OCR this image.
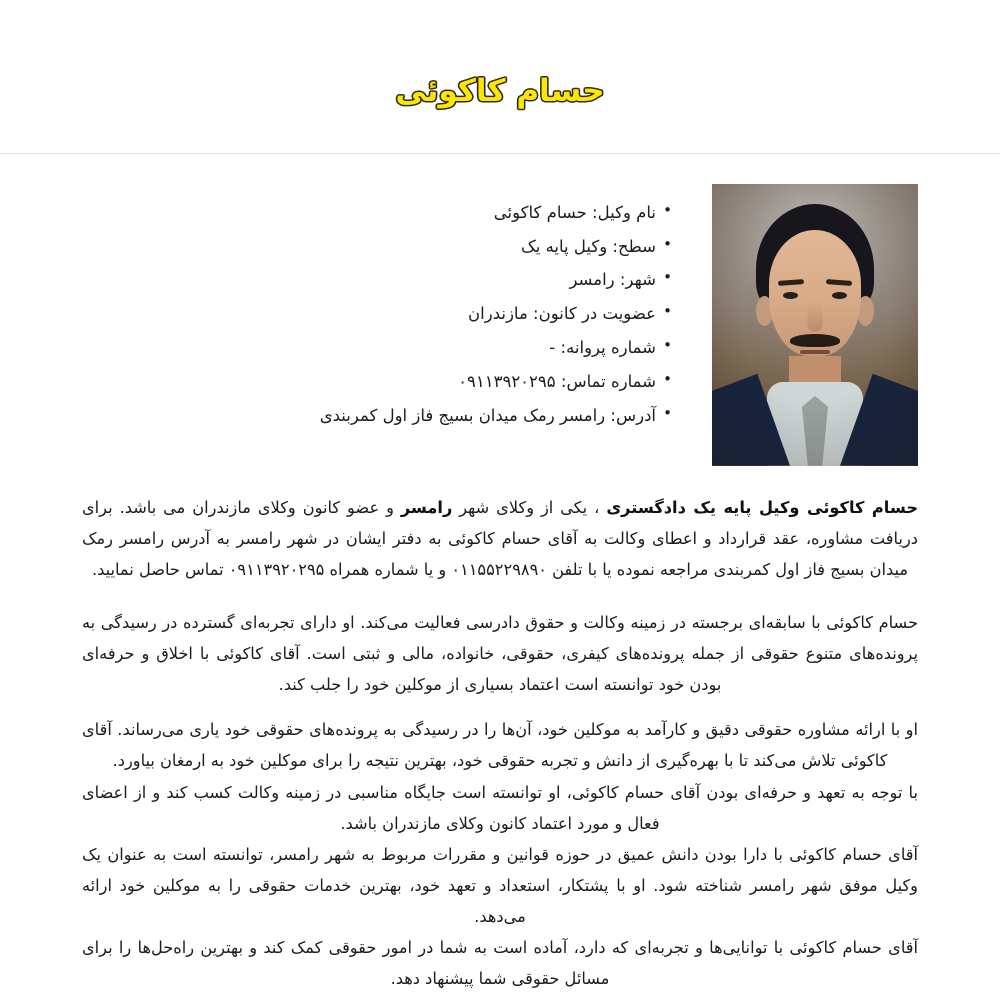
حسام کاکوئی
• نام وکیل: حسام کاکوئی
• سطح: وکیل پایه یک
• شهر: رامسر
• عضویت در کانون: مازندران
• شماره پروانه: -
• شماره تماس: ۰۹۱۱۳۹۲۰۲۹۵
• آدرس: رامسر رمک میدان بسیج فاز اول کمربندی

حسام کاکوئی وکیل پایه یک دادگستری ، یکی از وکلای شهر رامسر و عضو کانون وکلای مازندران می باشد. برای دریافت مشاوره، عقد قرارداد و اعطای وکالت به آقای حسام کاکوئی به دفتر ایشان در شهر رامسر به آدرس رامسر رمک میدان بسیج فاز اول کمربندی مراجعه نموده یا با تلفن ۰۱۱۵۵۲۲۹۸۹۰ و یا شماره همراه ۰۹۱۱۳۹۲۰۲۹۵ تماس حاصل نمایید.

حسام کاکوئی با سابقه‌ای برجسته در زمینه وکالت و حقوق دادرسی فعالیت می‌کند. او دارای تجربه‌ای گسترده در رسیدگی به پرونده‌های متنوع حقوقی از جمله پرونده‌های کیفری، حقوقی، خانواده، مالی و ثبتی است. آقای کاکوئی با اخلاق و حرفه‌ای بودن خود توانسته است اعتماد بسیاری از موکلین خود را جلب کند.

او با ارائه مشاوره حقوقی دقیق و کارآمد به موکلین خود، آن‌ها را در رسیدگی به پرونده‌های حقوقی خود یاری می‌رساند. آقای کاکوئی تلاش می‌کند تا با بهره‌گیری از دانش و تجربه حقوقی خود، بهترین نتیجه را برای موکلین خود به ارمغان بیاورد.

با توجه به تعهد و حرفه‌ای بودن آقای حسام کاکوئی، او توانسته است جایگاه مناسبی در زمینه وکالت کسب کند و از اعضای فعال و مورد اعتماد کانون وکلای مازندران باشد.

آقای حسام کاکوئی با دارا بودن دانش عمیق در حوزه قوانین و مقررات مربوط به شهر رامسر، توانسته است به عنوان یک وکیل موفق شهر رامسر شناخته شود. او با پشتکار، استعداد و تعهد خود، بهترین خدمات حقوقی را به موکلین خود ارائه می‌دهد.

آقای حسام کاکوئی با توانایی‌ها و تجربه‌ای که دارد، آماده است به شما در امور حقوقی کمک کند و بهترین راه‌حل‌ها را برای مسائل حقوقی شما پیشنهاد دهد.
